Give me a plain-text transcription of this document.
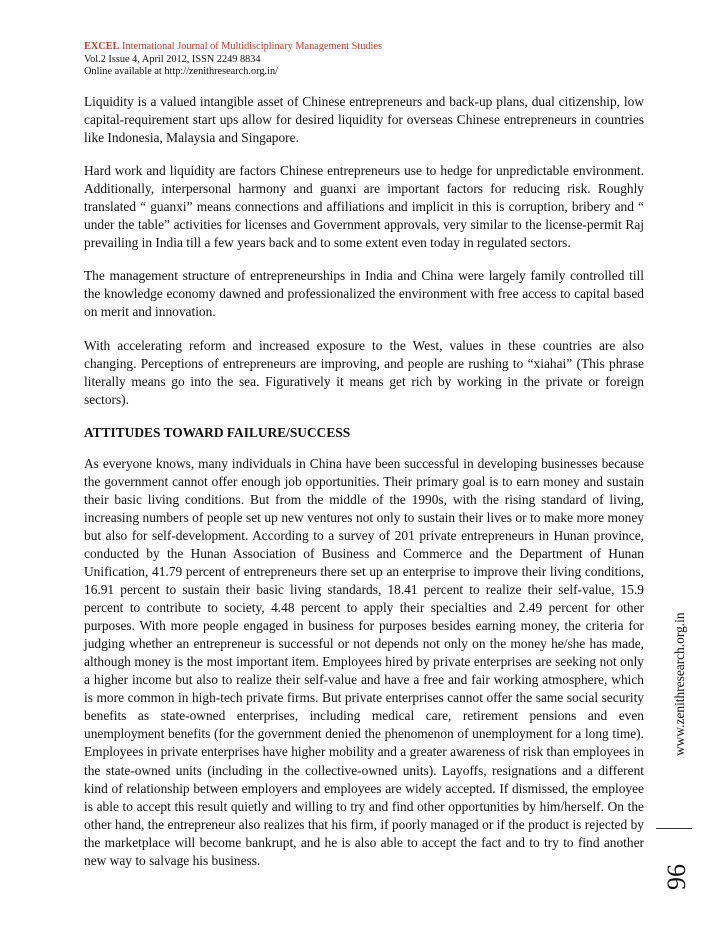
EXCEL International Journal of Multidisciplinary Management Studies
Vol.2 Issue 4, April 2012, ISSN 2249 8834
Online available at http://zenithresearch.org.in/

Liquidity is a valued intangible asset of Chinese entrepreneurs and back-up plans, dual citizenship, low capital-requirement start ups allow for desired liquidity for overseas Chinese entrepreneurs in countries like Indonesia, Malaysia and Singapore.

Hard work and liquidity are factors Chinese entrepreneurs use to hedge for unpredictable environment. Additionally, interpersonal harmony and guanxi are important factors for reducing risk. Roughly translated “ guanxi” means connections and affiliations and implicit in this is corruption, bribery and “ under the table” activities for licenses and Government approvals, very similar to the license-permit Raj prevailing in India till a few years back and to some extent even today in regulated sectors.

The management structure of entrepreneurships in India and China were largely family controlled till the knowledge economy dawned and professionalized the environment with free access to capital based on merit and innovation.

With accelerating reform and increased exposure to the West, values in these countries are also changing. Perceptions of entrepreneurs are improving, and people are rushing to “xiahai” (This phrase literally means go into the sea. Figuratively it means get rich by working in the private or foreign sectors).

ATTITUDES TOWARD FAILURE/SUCCESS

As everyone knows, many individuals in China have been successful in developing businesses because the government cannot offer enough job opportunities. Their primary goal is to earn money and sustain their basic living conditions. But from the middle of the 1990s, with the rising standard of living, increasing numbers of people set up new ventures not only to sustain their lives or to make more money but also for self-development. According to a survey of 201 private entrepreneurs in Hunan province, conducted by the Hunan Association of Business and Commerce and the Department of Hunan Unification, 41.79 percent of entrepreneurs there set up an enterprise to improve their living conditions, 16.91 percent to sustain their basic living standards, 18.41 percent to realize their self-value, 15.9 percent to contribute to society, 4.48 percent to apply their specialties and 2.49 percent for other purposes. With more people engaged in business for purposes besides earning money, the criteria for judging whether an entrepreneur is successful or not depends not only on the money he/she has made, although money is the most important item. Employees hired by private enterprises are seeking not only a higher income but also to realize their self-value and have a free and fair working atmosphere, which is more common in high-tech private firms. But private enterprises cannot offer the same social security benefits as state-owned enterprises, including medical care, retirement pensions and even unemployment benefits (for the government denied the phenomenon of unemployment for a long time). Employees in private enterprises have higher mobility and a greater awareness of risk than employees in the state-owned units (including in the collective-owned units). Layoffs, resignations and a different kind of relationship between employers and employees are widely accepted. If dismissed, the employee is able to accept this result quietly and willing to try and find other opportunities by him/herself. On the other hand, the entrepreneur also realizes that his firm, if poorly managed or if the product is rejected by the marketplace will become bankrupt, and he is also able to accept the fact and to try to find another new way to salvage his business.

www.zenithresearch.org.in
96
